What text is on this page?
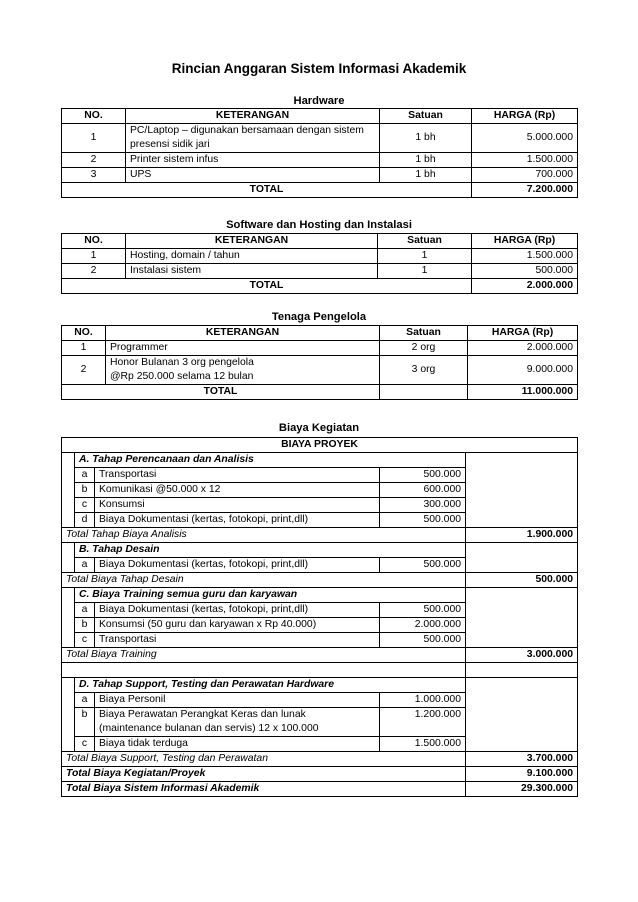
Rincian Anggaran Sistem Informasi Akademik
Hardware
NO.	KETERANGAN	Satuan	HARGA (Rp)
1	PC/Laptop – digunakan bersamaan dengan sistem
presensi sidik jari	1 bh	5.000.000
2	Printer sistem infus	1 bh	1.500.000
3	UPS	1 bh	700.000
TOTAL			7.200.000
Software dan Hosting dan Instalasi
NO.	KETERANGAN	Satuan	HARGA (Rp)
1	Hosting, domain / tahun	1	1.500.000
2	Instalasi sistem	1	500.000
TOTAL			2.000.000
Tenaga Pengelola
NO.	KETERANGAN	Satuan	HARGA (Rp)
1	Programmer	2 org	2.000.000
2	Honor Bulanan 3 org pengelola
@Rp 250.000 selama 12 bulan	3 org	9.000.000
TOTAL			11.000.000
Biaya Kegiatan
BIAYA PROYEK				
	A. Tahap Perencanaan dan Analisis			
	a	Transportasi	500.000	
	b	Komunikasi @50.000 x 12	600.000	
	c	Konsumsi	300.000	
	d	Biaya Dokumentasi (kertas, fotokopi, print,dll)	500.000	
Total Tahap Biaya Analisis				1.900.000
	B. Tahap Desain			
	a	Biaya Dokumentasi (kertas, fotokopi, print,dll)	500.000	
Total Biaya Tahap Desain				500.000
	C. Biaya Training semua guru dan karyawan			
	a	Biaya Dokumentasi (kertas, fotokopi, print,dll)	500.000	
	b	Konsumsi (50 guru dan karyawan x Rp 40.000)	2.000.000	
	c	Transportasi	500.000	
Total Biaya Training				3.000.000

	D. Tahap Support, Testing dan Perawatan Hardware			
	a	Biaya Personil	1.000.000	
	b	Biaya Perawatan Perangkat Keras dan lunak
(maintenance bulanan dan servis) 12 x 100.000	1.200.000	
	c	Biaya tidak terduga	1.500.000	
Total Biaya Support, Testing dan Perawatan				3.700.000
Total Biaya Kegiatan/Proyek				9.100.000
Total Biaya Sistem Informasi Akademik				29.300.000
